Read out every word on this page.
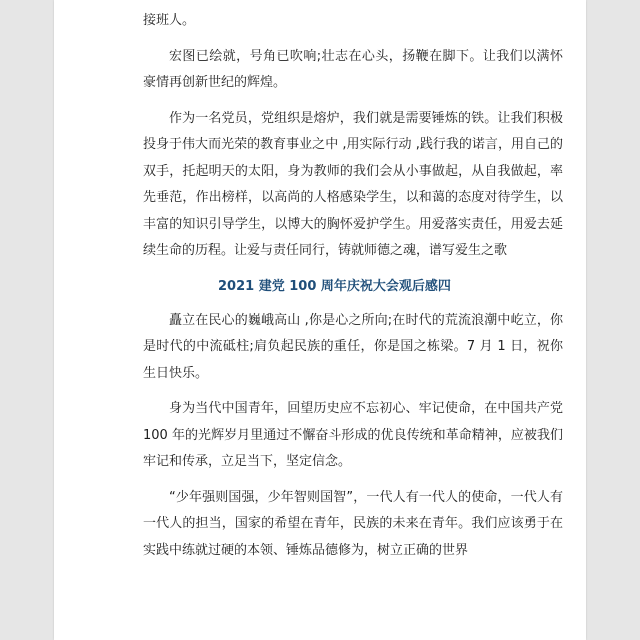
接班人。

宏图已绘就，号角已吹响;壮志在心头，扬鞭在脚下。让我们以满怀豪情再创新世纪的辉煌。

作为一名党员，党组织是熔炉，我们就是需要锤炼的铁。让我们积极投身于伟大而光荣的教育事业之中 ,用实际行动 ,践行我的诺言，用自己的双手，托起明天的太阳，身为教师的我们会从小事做起，从自我做起，率先垂范，作出榜样，以高尚的人格感染学生，以和蔼的态度对待学生，以丰富的知识引导学生，以博大的胸怀爱护学生。用爱落实责任，用爱去延续生命的历程。让爱与责任同行，铸就师德之魂，谱写爱生之歌

2021 建党 100 周年庆祝大会观后感四

矗立在民心的巍峨高山 ,你是心之所向;在时代的荒流浪潮中屹立，你是时代的中流砥柱;肩负起民族的重任，你是国之栋梁。7 月 1 日，祝你生日快乐。

身为当代中国青年，回望历史应不忘初心、牢记使命，在中国共产党 100 年的光辉岁月里通过不懈奋斗形成的优良传统和革命精神，应被我们牢记和传承，立足当下，坚定信念。

“少年强则国强，少年智则国智”，一代人有一代人的使命，一代人有一代人的担当，国家的希望在青年，民族的未来在青年。我们应该勇于在实践中练就过硬的本领、锤炼品德修为，树立正确的世界
